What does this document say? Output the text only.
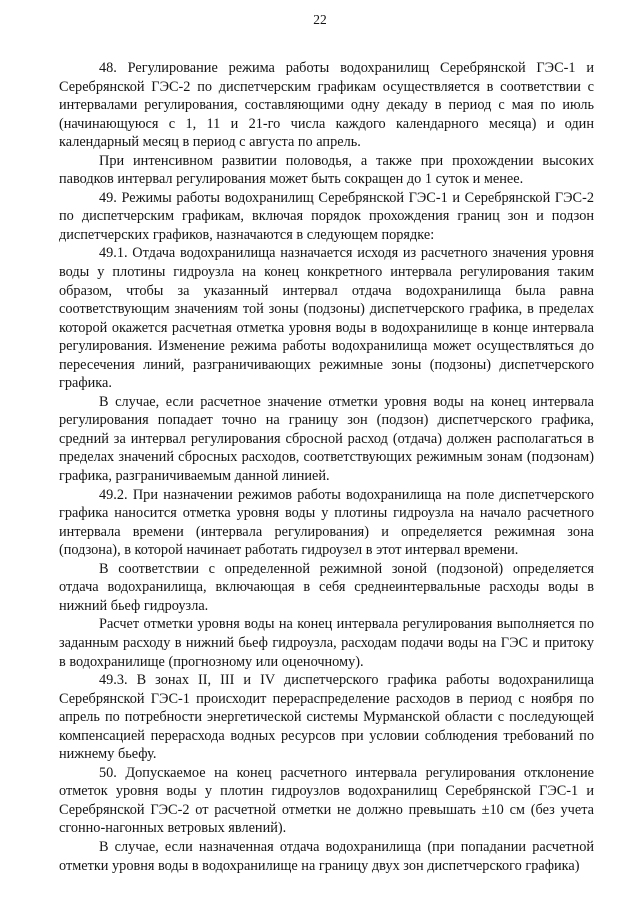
22

48. Регулирование режима работы водохранилищ Серебрянской ГЭС-1 и Серебрянской ГЭС-2 по диспетчерским графикам осуществляется в соответствии с интервалами регулирования, составляющими одну декаду в период с мая по июль (начинающуюся с 1, 11 и 21-го числа каждого календарного месяца) и один календарный месяц в период с августа по апрель.

При интенсивном развитии половодья, а также при прохождении высоких паводков интервал регулирования может быть сокращен до 1 суток и менее.

49. Режимы работы водохранилищ Серебрянской ГЭС-1 и Серебрянской ГЭС-2 по диспетчерским графикам, включая порядок прохождения границ зон и подзон диспетчерских графиков, назначаются в следующем порядке:

49.1. Отдача водохранилища назначается исходя из расчетного значения уровня воды у плотины гидроузла на конец конкретного интервала регулирования таким образом, чтобы за указанный интервал отдача водохранилища была равна соответствующим значениям той зоны (подзоны) диспетчерского графика, в пределах которой окажется расчетная отметка уровня воды в водохранилище в конце интервала регулирования. Изменение режима работы водохранилища может осуществляться до пересечения линий, разграничивающих режимные зоны (подзоны) диспетчерского графика.

В случае, если расчетное значение отметки уровня воды на конец интервала регулирования попадает точно на границу зон (подзон) диспетчерского графика, средний за интервал регулирования сбросной расход (отдача) должен располагаться в пределах значений сбросных расходов, соответствующих режимным зонам (подзонам) графика, разграничиваемым данной линией.

49.2. При назначении режимов работы водохранилища на поле диспетчерского графика наносится отметка уровня воды у плотины гидроузла на начало расчетного интервала времени (интервала регулирования) и определяется режимная зона (подзона), в которой начинает работать гидроузел в этот интервал времени.

В соответствии с определенной режимной зоной (подзоной) определяется отдача водохранилища, включающая в себя среднеинтервальные расходы воды в нижний бьеф гидроузла.

Расчет отметки уровня воды на конец интервала регулирования выполняется по заданным расходу в нижний бьеф гидроузла, расходам подачи воды на ГЭС и притоку в водохранилище (прогнозному или оценочному).

49.3. В зонах II, III и IV диспетчерского графика работы водохранилища Серебрянской ГЭС-1 происходит перераспределение расходов в период с ноября по апрель по потребности энергетической системы Мурманской области с последующей компенсацией перерасхода водных ресурсов при условии соблюдения требований по нижнему бьефу.

50. Допускаемое на конец расчетного интервала регулирования отклонение отметок уровня воды у плотин гидроузлов водохранилищ Серебрянской ГЭС-1 и Серебрянской ГЭС-2 от расчетной отметки не должно превышать ±10 см (без учета сгонно-нагонных ветровых явлений).

В случае, если назначенная отдача водохранилища (при попадании расчетной отметки уровня воды в водохранилище на границу двух зон диспетчерского графика)
